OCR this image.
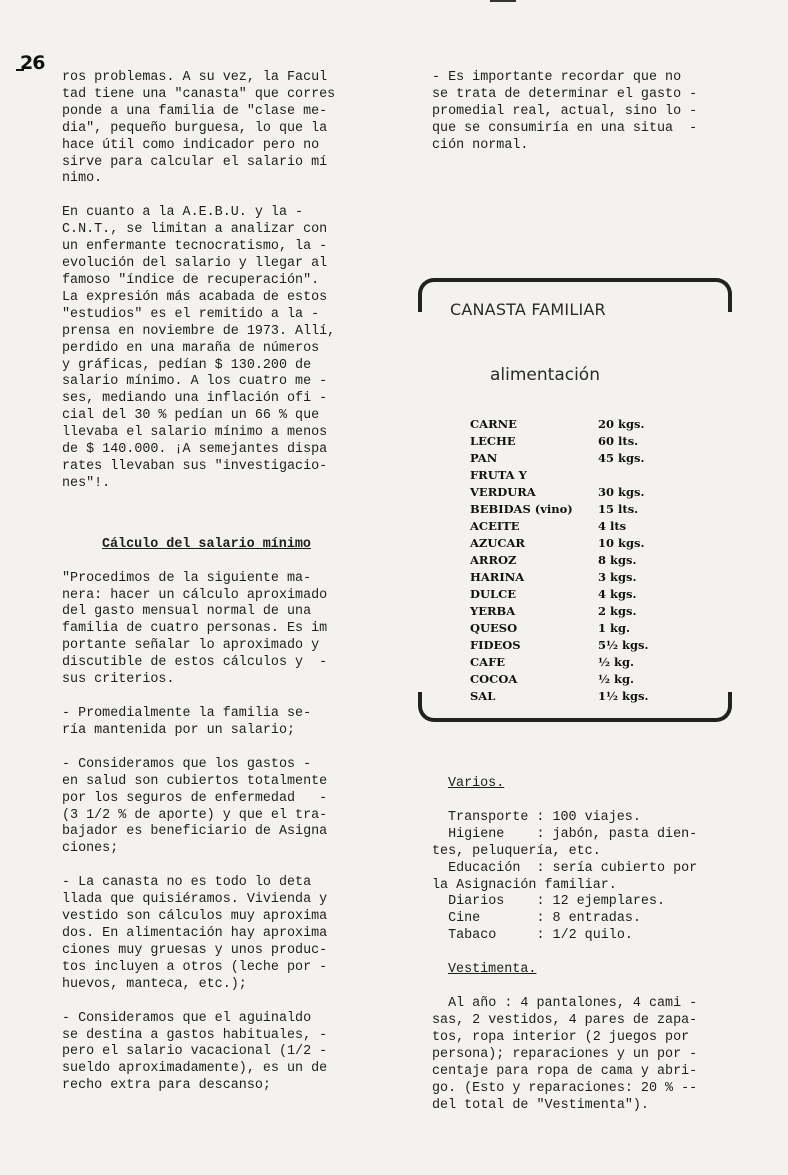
26

ros problemas. A su vez, la Facul

tad tiene una "canasta" que corres

ponde a una familia de "clase me-

dia", pequeño burguesa, lo que la

hace útil como indicador pero no

sirve para calcular el salario mí

nimo.

En cuanto a la A.E.B.U. y la -

C.N.T., se limitan a analizar con

un enfermante tecnocratismo, la -

evolución del salario y llegar al

famoso "índice de recuperación".

La expresión más acabada de estos

"estudios" es el remitido a la -

prensa en noviembre de 1973. Allí,

perdido en una maraña de números

y gráficas, pedían $ 130.200 de

salario mínimo. A los cuatro me -

ses, mediando una inflación ofi -

cial del 30 % pedían un 66 % que

llevaba el salario mínimo a menos

de $ 140.000. ¡A semejantes dispa

rates llevaban sus "investigacio-

nes"!.

Cálculo del salario mínimo

"Procedimos de la siguiente ma-

nera: hacer un cálculo aproximado

del gasto mensual normal de una

familia de cuatro personas. Es im

portante señalar lo aproximado y

discutible de estos cálculos y  -

sus criterios.

- Promedialmente la familia se-

ría mantenida por un salario;

- Consideramos que los gastos -

en salud son cubiertos totalmente

por los seguros de enfermedad   -

(3 1/2 % de aporte) y que el tra-

bajador es beneficiario de Asigna

ciones;

- La canasta no es todo lo deta

llada que quisiéramos. Vivienda y

vestido son cálculos muy aproxima

dos. En alimentación hay aproxima

ciones muy gruesas y unos produc-

tos incluyen a otros (leche por -

huevos, manteca, etc.);

- Consideramos que el aguinaldo

se destina a gastos habituales, -

pero el salario vacacional (1/2 -

sueldo aproximadamente), es un de

recho extra para descanso;

- Es importante recordar que no

se trata de determinar el gasto -

promedial real, actual, sino lo -

que se consumiría en una situa  -

ción normal.

CANASTA FAMILIAR
alimentación
CARNE	20 kgs.
LECHE	60 lts.
PAN	45 kgs.
FRUTA Y	
VERDURA	30 kgs.
BEBIDAS (vino)	15 lts.
ACEITE	4 lts
AZUCAR	10 kgs.
ARROZ	8 kgs.
HARINA	3 kgs.
DULCE	4 kgs.
YERBA	2 kgs.
QUESO	1 kg.
FIDEOS	5½ kgs.
CAFE	½ kg.
COCOA	½ kg.
SAL	1½ kgs.

Varios.

Transporte : 100 viajes.

Higiene    : jabón, pasta dien-

tes, peluquería, etc.

Educación  : sería cubierto por

la Asignación familiar.

Diarios    : 12 ejemplares.

Cine       : 8 entradas.

Tabaco     : 1/2 quilo.

Vestimenta.

Al año : 4 pantalones, 4 cami -

sas, 2 vestidos, 4 pares de zapa-

tos, ropa interior (2 juegos por

persona); reparaciones y un por -

centaje para ropa de cama y abri-

go. (Esto y reparaciones: 20 % --

del total de "Vestimenta").
